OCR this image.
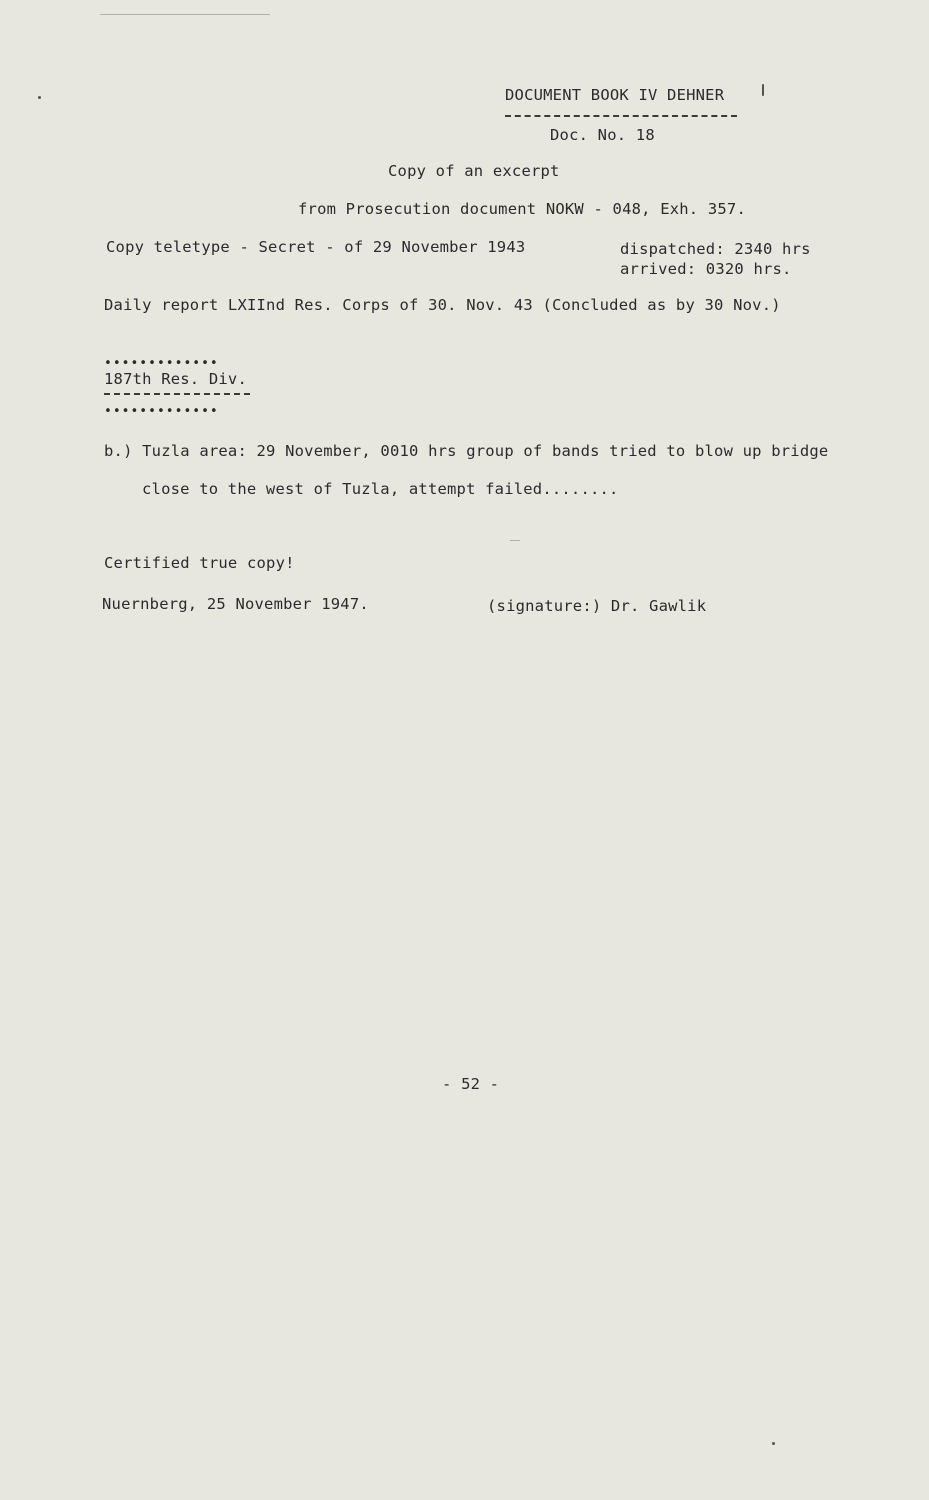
DOCUMENT BOOK IV DEHNER
Doc. No. 18
Copy of an excerpt
from Prosecution document NOKW - 048, Exh. 357.
Copy teletype - Secret - of 29 November 1943	dispatched: 2340 hrs
arrived: 0320 hrs.
Daily report LXIInd Res. Corps of 30. Nov. 43 (Concluded as by 30 Nov.)
•••••••••••••
187th Res. Div.
•••••••••••••
b.) Tuzla area: 29 November, 0010 hrs group of bands tried to blow up bridge
close to the west of Tuzla, attempt failed........
Certified true copy!
Nuernberg, 25 November 1947.	(signature:) Dr. Gawlik
- 52 -
